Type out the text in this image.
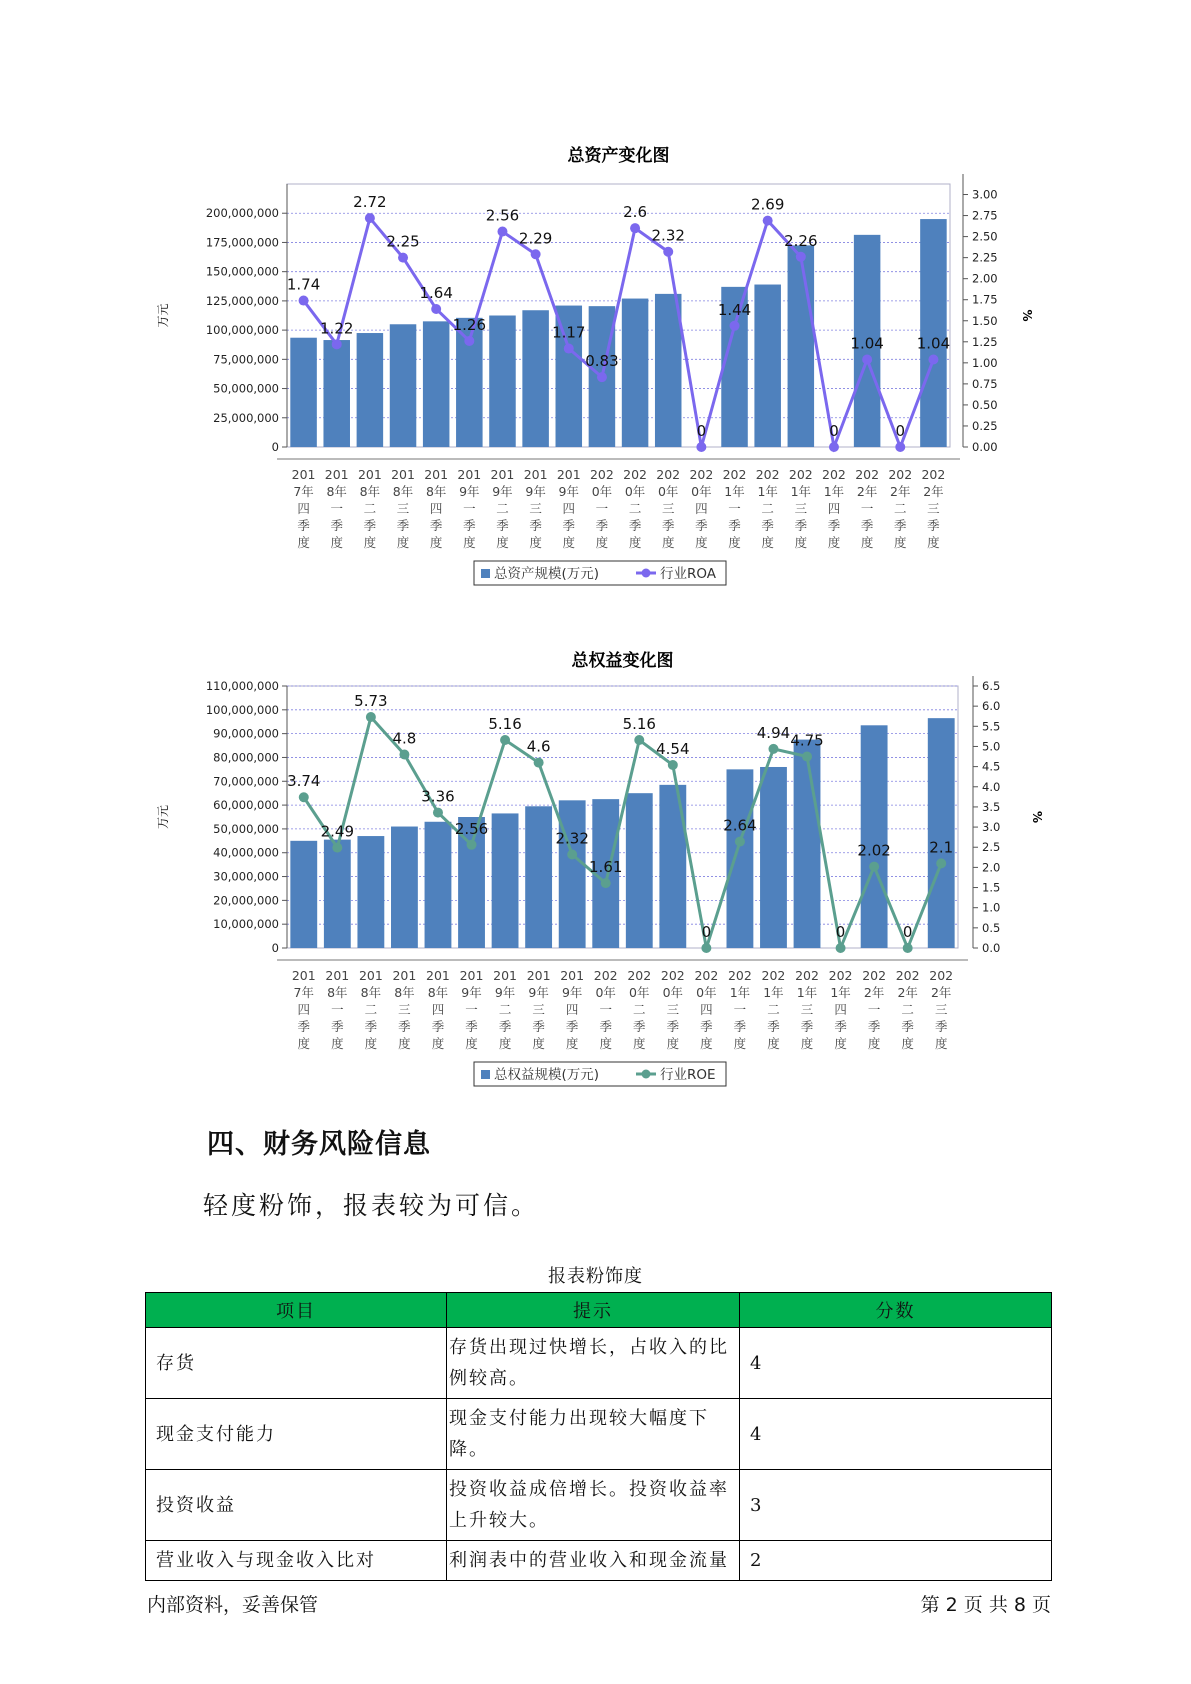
总资产变化图
0
25,000,000
50,000,000
75,000,000
100,000,000
125,000,000
150,000,000
175,000,000
200,000,000
0.00
0.25
0.50
0.75
1.00
1.25
1.50
1.75
2.00
2.25
2.50
2.75
3.00
万元	%
201 7年四季度
201 8年一季度
201 8年二季度
201 8年三季度
201 8年四季度
201 9年一季度
201 9年二季度
201 9年三季度
201 9年四季度
202 0年一季度
202 0年二季度
202 0年三季度
202 0年四季度
202 1年一季度
202 1年二季度
202 1年三季度
202 1年四季度
202 2年一季度
202 2年二季度
202 2年三季度
1.74
1.22
2.72
2.25
1.64
1.26
2.56
2.29
1.17
0.83
2.6
2.32
0
1.44
2.69
2.26
0
1.04
0
1.04
总资产规模(万元)	行业ROA
总权益变化图
0
10,000,000
20,000,000
30,000,000
40,000,000
50,000,000
60,000,000
70,000,000
80,000,000
90,000,000
100,000,000
110,000,000
0.0
0.5
1.0
1.5
2.0
2.5
3.0
3.5
4.0
4.5
5.0
5.5
6.0
6.5
万元	%
201 7年四季度
201 8年一季度
201 8年二季度
201 8年三季度
201 8年四季度
201 9年一季度
201 9年二季度
201 9年三季度
201 9年四季度
202 0年一季度
202 0年二季度
202 0年三季度
202 0年四季度
202 1年一季度
202 1年二季度
202 1年三季度
202 1年四季度
202 2年一季度
202 2年二季度
202 2年三季度
3.74
2.49
5.73
4.8
3.36
2.56
5.16
4.6
2.32
1.61
5.16
4.54
0
2.64
4.94 4.75
0
2.02
0
2.1
总权益规模(万元)	行业ROE
四、财务风险信息

轻度粉饰，报表较为可信。

报表粉饰度
项目	提示	分数
存货	存货出现过快增长，占收入的比例较高。	4
现金支付能力	现金支付能力出现较大幅度下降。	4
投资收益	投资收益成倍增长。投资收益率上升较大。	3
营业收入与现金收入比对	利润表中的营业收入和现金流量	2
内部资料，妥善保管	第 2 页 共 8 页
